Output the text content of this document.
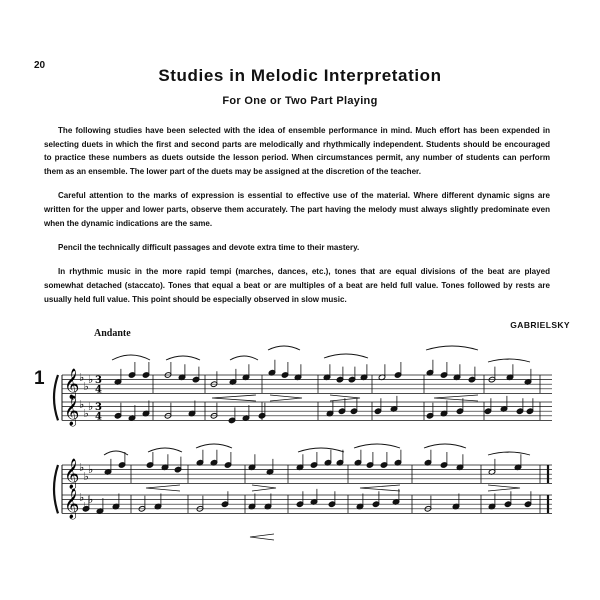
20
Studies in Melodic Interpretation
For One or Two Part Playing

The following studies have been selected with the idea of ensemble performance in mind. Much effort has been expended in selecting duets in which the first and second parts are melodically and rhythmically independent. Students should be encouraged to practice these numbers as duets outside the lesson period. When circumstances permit, any number of students can perform them as an ensemble. The lower part of the duets may be assigned at the discretion of the teacher.

Careful attention to the marks of expression is essential to effective use of the material. Where different dynamic signs are written for the upper and lower parts, observe them accurately. The part having the melody must always slightly predominate even when the dynamic indications are the same.

Pencil the technically difficult passages and devote extra time to their mastery.

In rhythmic music in the more rapid tempi (marches, dances, etc.), tones that are equal divisions of the beat are played somewhat detached (staccato). Tones that equal a beat or are multiples of a beat are held full value. Tones followed by rests are usually held full value. This point should be especially observed in slow music.

GABRIELSKY
Andante
1 𝄞 ♭
♭
♭ 3
4
𝄞 ♭
♭
♭ 3
4
𝄞 ♭
♭
♭
𝄞 ♭ ♭
